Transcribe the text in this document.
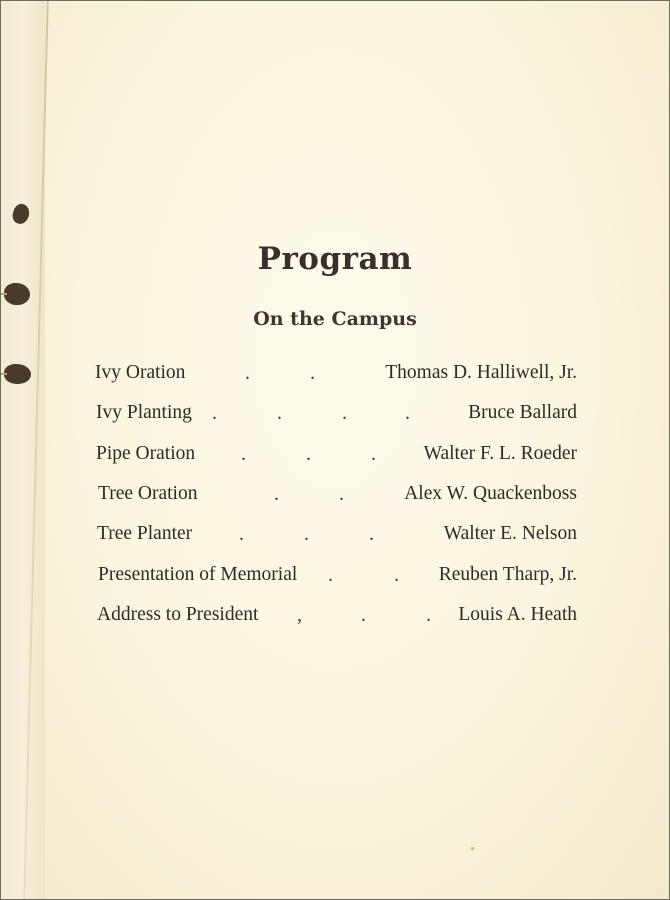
Program
On the Campus
Ivy Oration	.	.	Thomas D. Halliwell, Jr.
Ivy Planting .	.	.	.	Bruce Ballard
Pipe Oration .	.	. Walter F. L. Roeder
Tree Oration	.	.	Alex W. Quackenboss
Tree Planter .	.	.	Walter E. Nelson
Presentation of Memorial .	. Reuben Tharp, Jr.
Address to President ,	.	. Louis A. Heath
